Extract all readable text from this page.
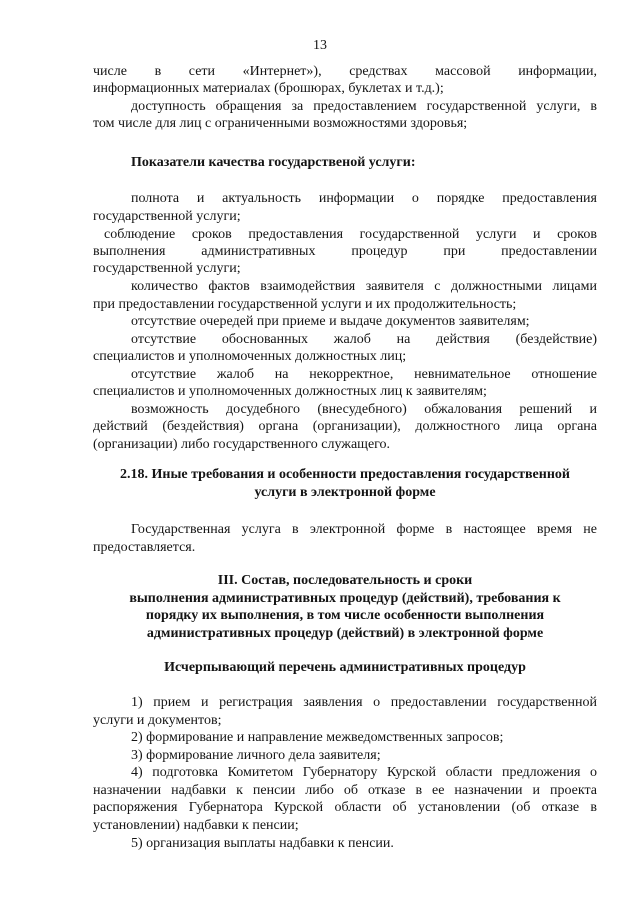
13
числе в сети «Интернет»), средствах массовой информации,
информационных материалах (брошюрах, буклетах и т.д.);
доступность обращения за предоставлением государственной услуги, в
том числе для лиц с ограниченными возможностями здоровья;
Показатели качества государственой услуги:
полнота и актуальность информации о порядке предоставления
государственной услуги;
соблюдение сроков предоставления государственной услуги и сроков
выполнения административных процедур при предоставлении
государственной услуги;
количество фактов взаимодействия заявителя с должностными лицами
при предоставлении государственной услуги и их продолжительность;
отсутствие очередей при приеме и выдаче документов заявителям;
отсутствие обоснованных жалоб на действия (бездействие)
специалистов и уполномоченных должностных лиц;
отсутствие жалоб на некорректное, невнимательное отношение
специалистов и уполномоченных должностных лиц к заявителям;
возможность досудебного (внесудебного) обжалования решений и
действий (бездействия) органа (организации), должностного лица органа
(организации) либо государственного служащего.
2.18. Иные требования и особенности предоставления государственной
услуги в электронной форме
Государственная услуга в электронной форме в настоящее время не
предоставляется.
III. Состав, последовательность и сроки
выполнения административных процедур (действий), требования к
порядку их выполнения, в том числе особенности выполнения
административных процедур (действий) в электронной форме
Исчерпывающий перечень административных процедур
1) прием и регистрация заявления о предоставлении государственной
услуги и документов;
2) формирование и направление межведомственных запросов;
3) формирование личного дела заявителя;
4) подготовка Комитетом Губернатору Курской области предложения о
назначении надбавки к пенсии либо об отказе в ее назначении и проекта
распоряжения Губернатора Курской области об установлении (об отказе в
установлении) надбавки к пенсии;
5) организация выплаты надбавки к пенсии.
